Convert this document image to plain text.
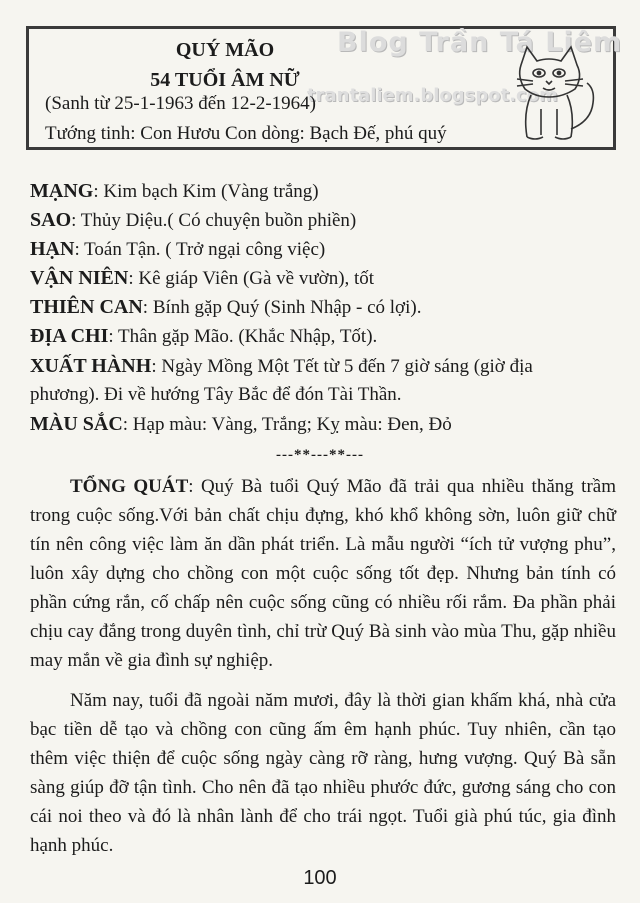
Blog Trần Tá Liêm
trantaliem.blogspot.com
QUÝ MÃO
54 TUỔI ÂM NỮ
(Sanh từ 25-1-1963 đến 12-2-1964)
Tướng tinh: Con Hươu Con dòng: Bạch Đế, phú quý
MẠNG: Kim bạch Kim (Vàng trắng)
SAO: Thủy Diệu.( Có chuyện buồn phiền)
HẠN: Toán Tận. ( Trở ngại công việc)
VẬN NIÊN: Kê giáp Viên (Gà về vườn), tốt
THIÊN CAN: Bính gặp Quý (Sinh Nhập - có lợi).
ĐỊA CHI: Thân gặp Mão. (Khắc Nhập, Tốt).
XUẤT HÀNH: Ngày Mồng Một Tết từ 5 đến 7 giờ sáng (giờ địa
phương). Đi về hướng Tây Bắc để đón Tài Thần.
MÀU SẮC: Hạp màu: Vàng, Trắng; Kỵ màu: Đen, Đỏ
---**---**---

TỔNG QUÁT: Quý Bà tuổi Quý Mão đã trải qua nhiều thăng trầm trong cuộc sống.Với bản chất chịu đựng, khó khổ không sờn, luôn giữ chữ tín nên công việc làm ăn dần phát triển. Là mẫu người “ích tử vượng phu”, luôn xây dựng cho chồng con một cuộc sống tốt đẹp. Nhưng bản tính có phần cứng rắn, cố chấp nên cuộc sống cũng có nhiều rối rắm. Đa phần phải chịu cay đắng trong duyên tình, chỉ trừ Quý Bà sinh vào mùa Thu, gặp nhiều may mắn về gia đình sự nghiệp.

Năm nay, tuổi đã ngoài năm mươi, đây là thời gian khấm khá, nhà cửa bạc tiền dễ tạo và chồng con cũng ấm êm hạnh phúc. Tuy nhiên, cần tạo thêm việc thiện để cuộc sống ngày càng rỡ ràng, hưng vượng. Quý Bà sẵn sàng giúp đỡ tận tình. Cho nên đã tạo nhiều phước đức, gương sáng cho con cái noi theo và đó là nhân lành để cho trái ngọt. Tuổi già phú túc, gia đình hạnh phúc.

100
